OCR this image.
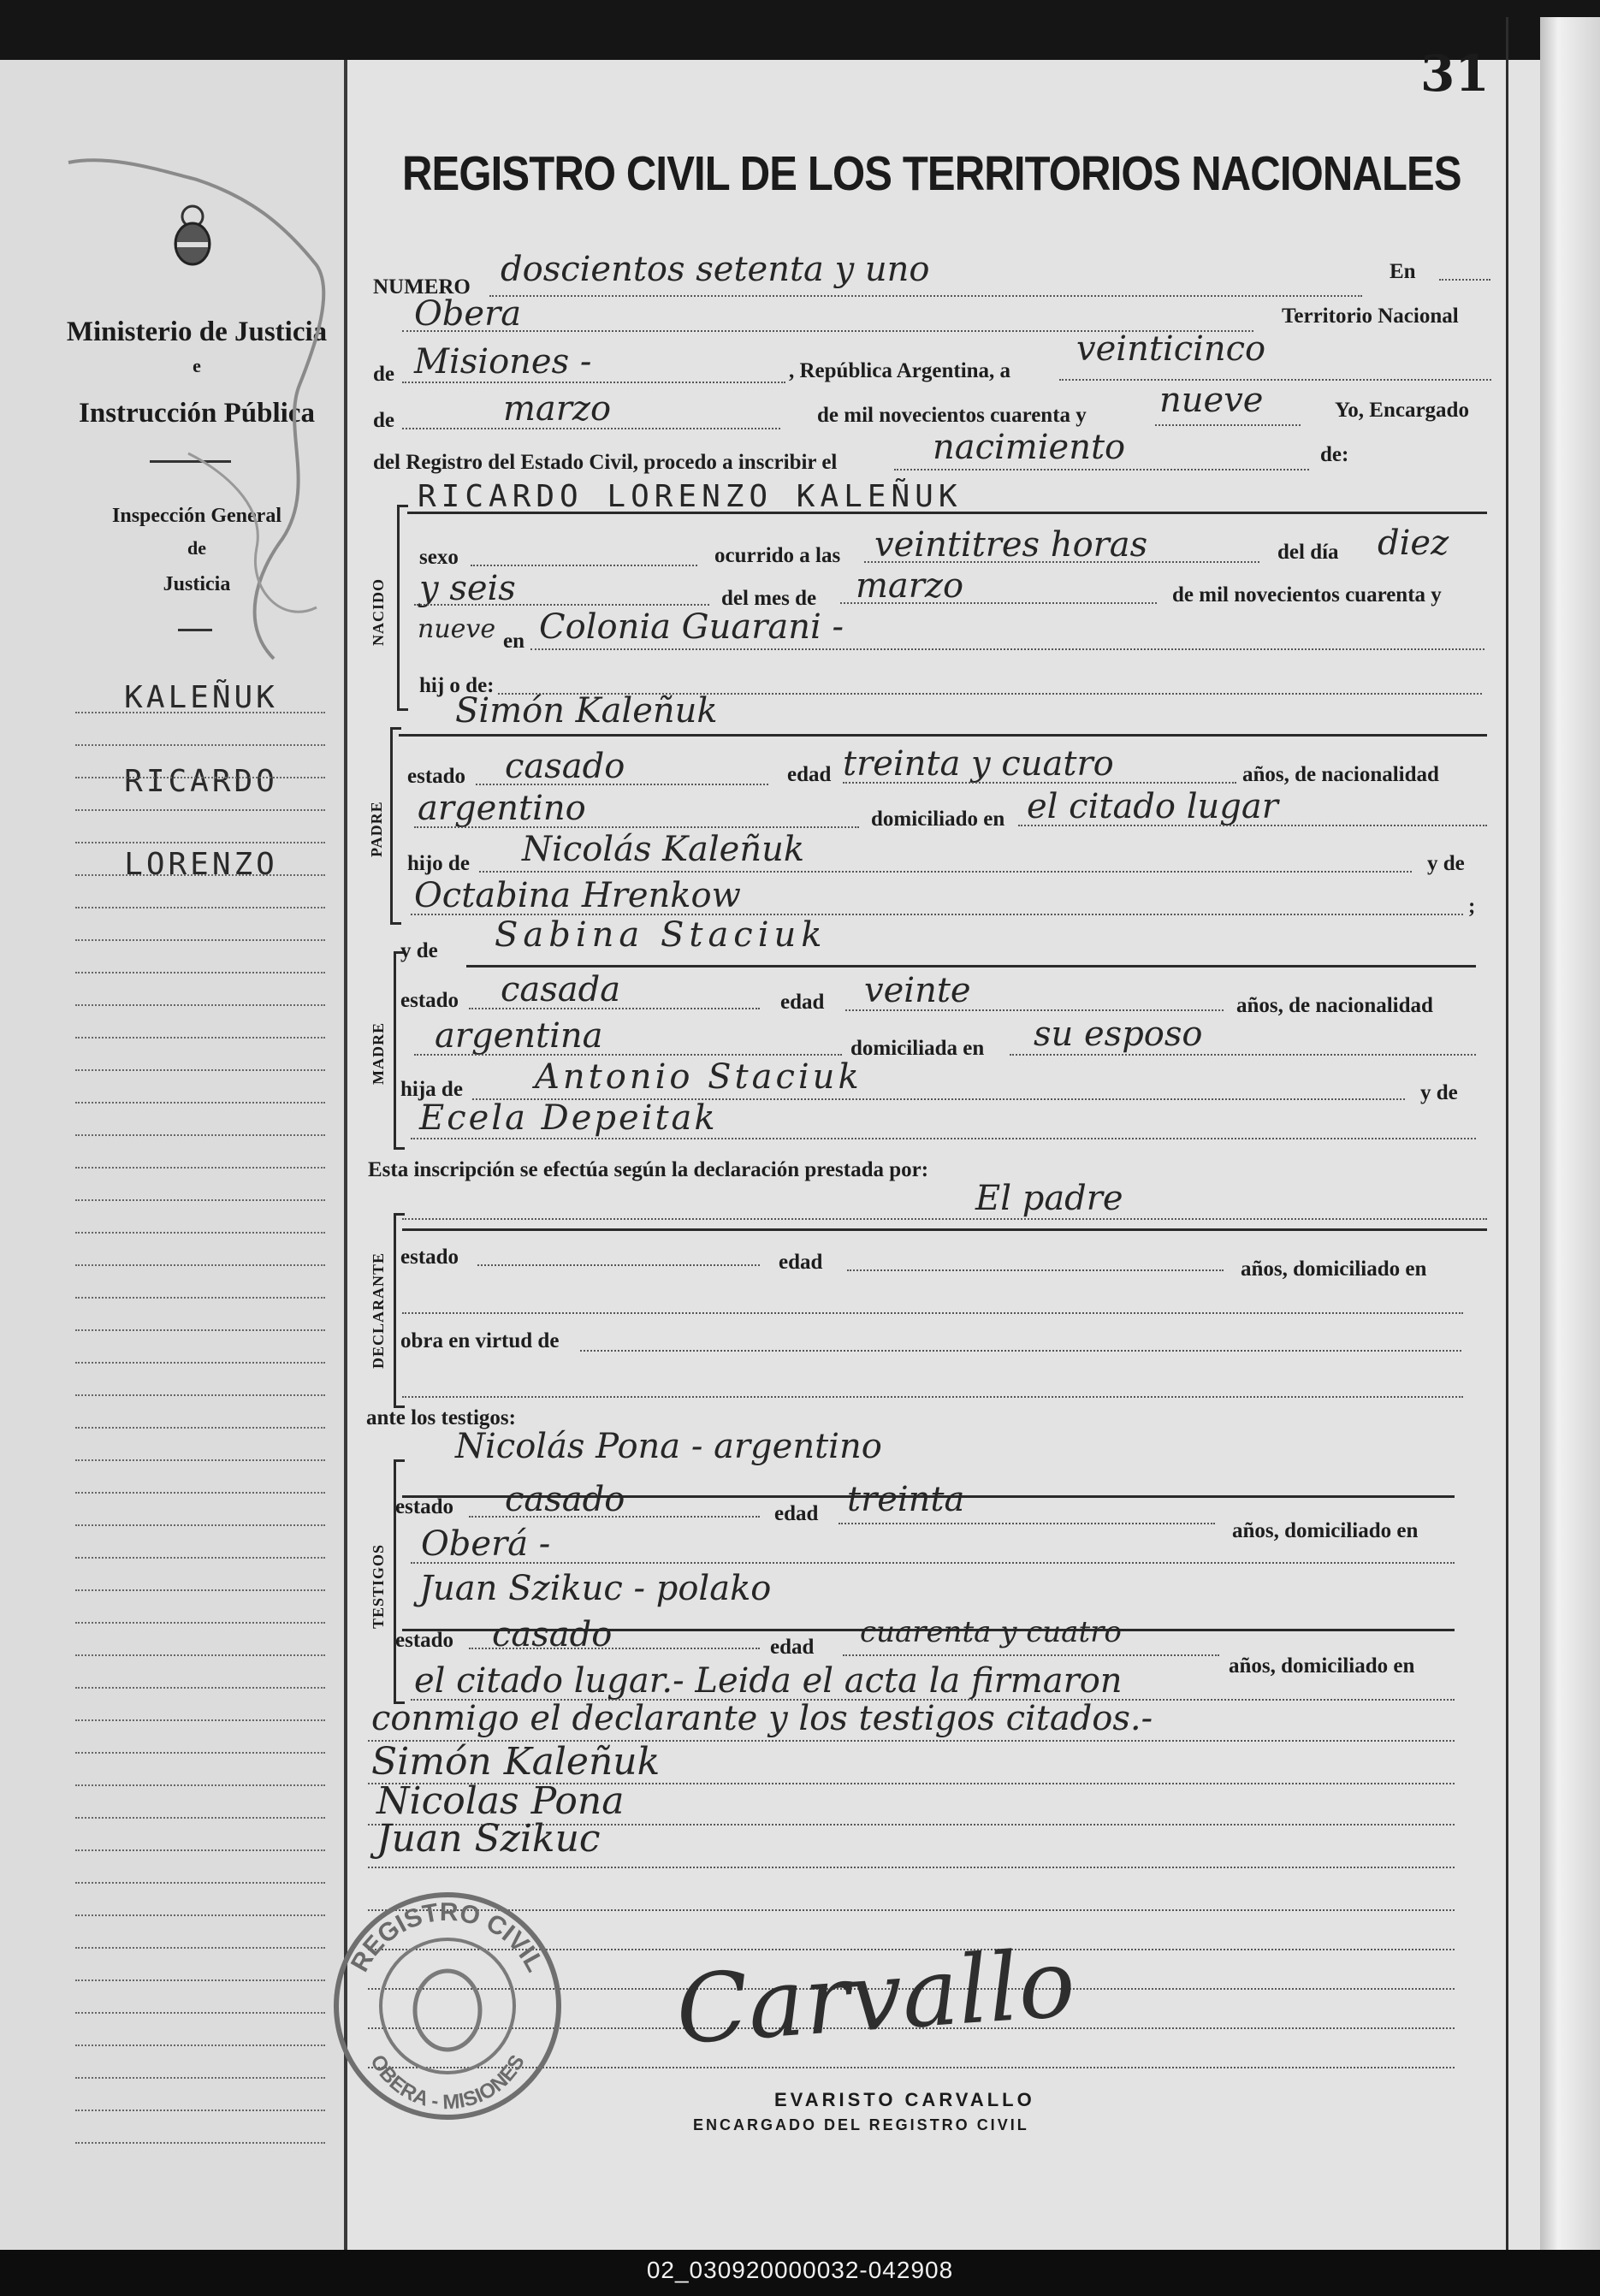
31
REGISTRO CIVIL DE LOS TERRITORIOS NACIONALES
Ministerio de Justicia
e
Instrucción Pública
Inspección General
de
Justicia
KALEÑUK
RICARDO
LORENZO
NUMERO doscientos setenta y uno	En
Obera	Territorio Nacional
de Misiones -	, República Argentina, a
veinticinco
de	marzo	de mil novecientos cuarenta y nueve	Yo, Encargado
del Registro del Estado Civil, procedo a inscribir el	nacimiento	de:
NACIDO
RICARDO LORENZO KALEÑUK
sexo	ocurrido a las veintitres horas	del día diez
y seis	del mes de marzo	de mil novecientos cuarenta y
nueve en Colonia Guarani -
hij o de:
PADRE
Simón Kaleñuk
estado casado	edad treinta y cuatro	años, de nacionalidad
argentino	domiciliado en el citado lugar
hijo de Nicolás Kaleñuk	y de
Octabina Hrenkow	;
MADRE
y de Sabina Staciuk
estado casada	edad veinte	años, de nacionalidad
argentina	domiciliada en su esposo
hija de Antonio Staciuk	y de
Ecela Depeitak
Esta inscripción se efectúa según la declaración prestada por:
DECLARANTE
El padre
estado	edad	años, domiciliado en
obra en virtud de
ante los testigos:
TESTIGOS
Nicolás Pona - argentino
estado casado	edad treinta
años, domiciliado en
Oberá -
Juan Szikuc - polako
estado casado	edad cuarenta y cuatro
años, domiciliado en
el citado lugar.- Leida el acta la firmaron
conmigo el declarante y los testigos citados.-
Simón Kaleñuk
Nicolas Pona
Juan Szikuc
REGISTRO CIVIL
OBERA - MISIONES Carvallo
EVARISTO CARVALLO
ENCARGADO DEL REGISTRO CIVIL
02_030920000032-042908
